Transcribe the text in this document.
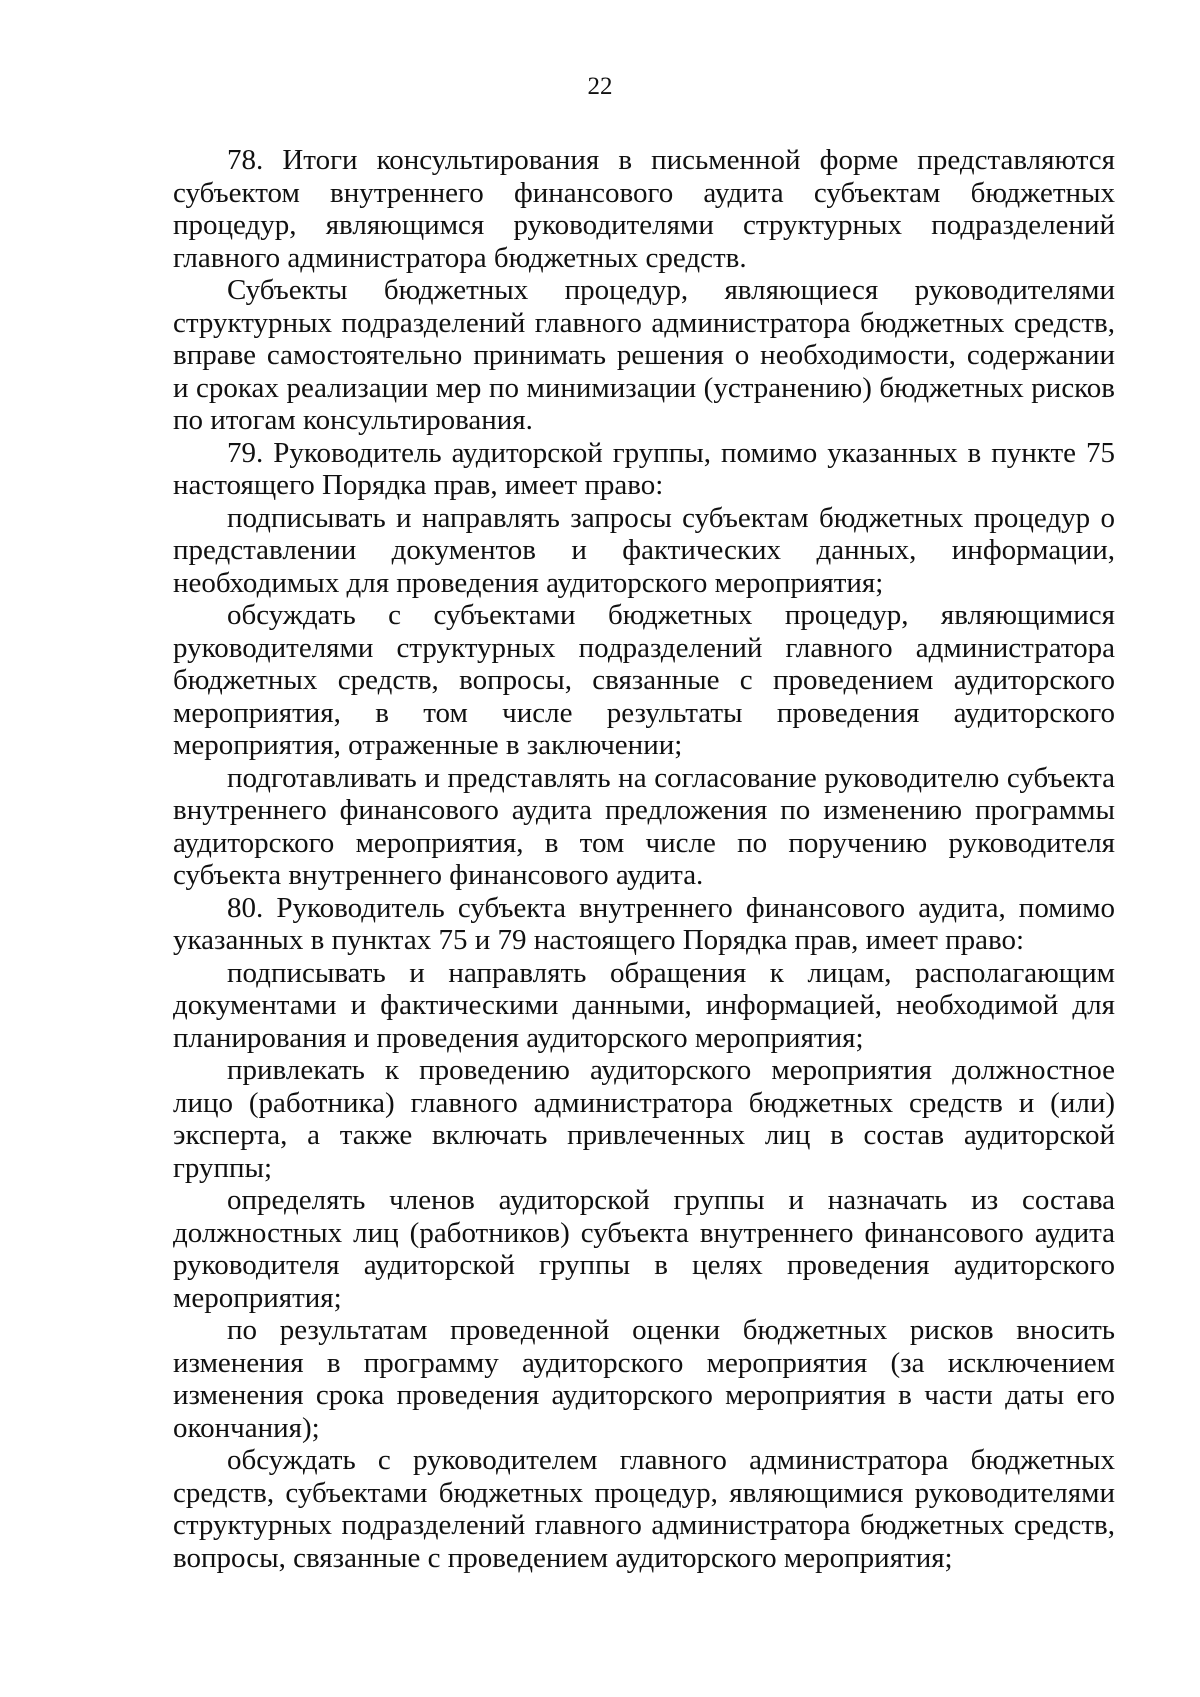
22

78. Итоги консультирования в письменной форме представляются субъектом внутреннего финансового аудита субъектам бюджетных процедур, являющимся руководителями структурных подразделений главного администратора бюджетных средств.

Субъекты бюджетных процедур, являющиеся руководителями структурных подразделений главного администратора бюджетных средств, вправе самостоятельно принимать решения о необходимости, содержании и сроках реализации мер по минимизации (устранению) бюджетных рисков по итогам консультирования.

79. Руководитель аудиторской группы, помимо указанных в пункте 75 настоящего Порядка прав, имеет право:

подписывать и направлять запросы субъектам бюджетных процедур о представлении документов и фактических данных, информации, необходимых для проведения аудиторского мероприятия;

обсуждать с субъектами бюджетных процедур, являющимися руководителями структурных подразделений главного администратора бюджетных средств, вопросы, связанные с проведением аудиторского мероприятия, в том числе результаты проведения аудиторского мероприятия, отраженные в заключении;

подготавливать и представлять на согласование руководителю субъекта внутреннего финансового аудита предложения по изменению программы аудиторского мероприятия, в том числе по поручению руководителя субъекта внутреннего финансового аудита.

80. Руководитель субъекта внутреннего финансового аудита, помимо указанных в пунктах 75 и 79 настоящего Порядка прав, имеет право:

подписывать и направлять обращения к лицам, располагающим документами и фактическими данными, информацией, необходимой для планирования и проведения аудиторского мероприятия;

привлекать к проведению аудиторского мероприятия должностное лицо (работника) главного администратора бюджетных средств и (или) эксперта, а также включать привлеченных лиц в состав аудиторской группы;

определять членов аудиторской группы и назначать из состава должностных лиц (работников) субъекта внутреннего финансового аудита руководителя аудиторской группы в целях проведения аудиторского мероприятия;

по результатам проведенной оценки бюджетных рисков вносить изменения в программу аудиторского мероприятия (за исключением изменения срока проведения аудиторского мероприятия в части даты его окончания);

обсуждать с руководителем главного администратора бюджетных средств, субъектами бюджетных процедур, являющимися руководителями структурных подразделений главного администратора бюджетных средств, вопросы, связанные с проведением аудиторского мероприятия;
